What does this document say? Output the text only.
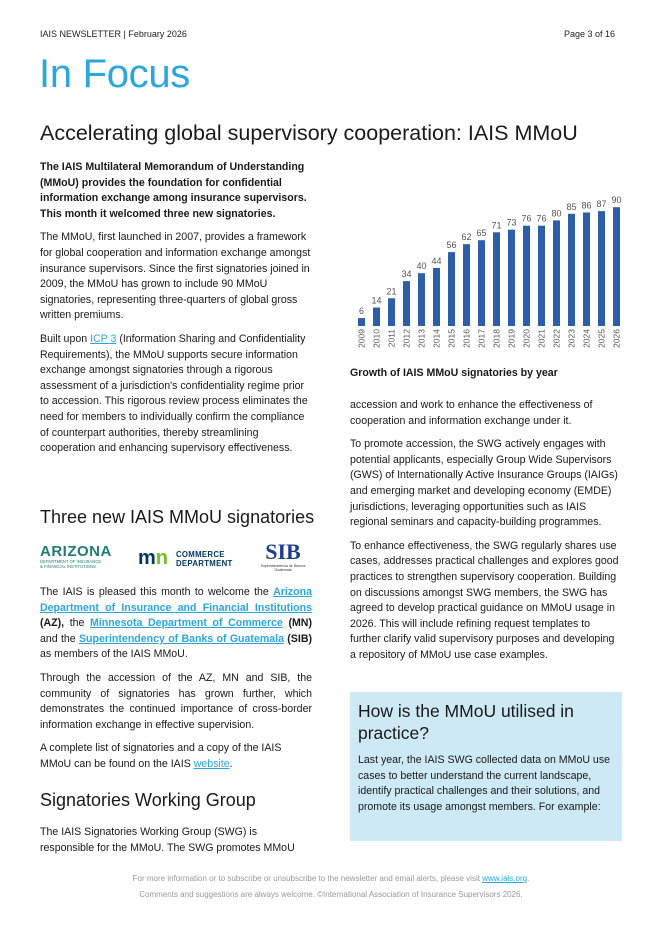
IAIS NEWSLETTER | February 2026	Page 3 of 16
In Focus
Accelerating global supervisory cooperation: IAIS MMoU

The IAIS Multilateral Memorandum of Understanding (MMoU) provides the foundation for confidential information exchange among insurance supervisors. This month it welcomed three new signatories.

The MMoU, first launched in 2007, provides a framework for global cooperation and information exchange amongst insurance supervisors. Since the first signatories joined in 2009, the MMoU has grown to include 90 MMoU signatories, representing three-quarters of global gross written premiums.

Built upon ICP 3 (Information Sharing and Confidentiality Requirements), the MMoU supports secure information exchange amongst signatories through a rigorous assessment of a jurisdiction's confidentiality regime prior to accession. This rigorous review process eliminates the need for members to individually confirm the compliance of counterpart authorities, thereby streamlining cooperation and enhancing supervisory effectiveness.

Three new IAIS MMoU signatories
ARIZONA
DEPARTMENT OF INSURANCE
& FINANCIAL INSTITUTIONS	mn COMMERCE
DEPARTMENT	SIB
Superintendencia de Bancos Guatemala

The IAIS is pleased this month to welcome the Arizona Department of Insurance and Financial Institutions (AZ), the Minnesota Department of Commerce (MN) and the Superintendency of Banks of Guatemala (SIB) as members of the IAIS MMoU.

Through the accession of the AZ, MN and SIB, the community of signatories has grown further, which demonstrates the continued importance of cross-border information exchange in effective supervision.

A complete list of signatories and a copy of the IAIS MMoU can be found on the IAIS website.

Signatories Working Group

The IAIS Signatories Working Group (SWG) is responsible for the MMoU. The SWG promotes MMoU

6
2009
14
2010
21
2011
34
2012
40
2013
44
2014
56
2015
62
2016
65
2017
71
2018
73
2019
76
2020
76
2021
80
2022
85
2023
86
2024
87
2025
90
2026
Growth of IAIS MMoU signatories by year

accession and work to enhance the effectiveness of cooperation and information exchange under it.

To promote accession, the SWG actively engages with potential applicants, especially Group Wide Supervisors (GWS) of Internationally Active Insurance Groups (IAIGs) and emerging market and developing economy (EMDE) jurisdictions, leveraging opportunities such as IAIS regional seminars and capacity-building programmes.

To enhance effectiveness, the SWG regularly shares use cases, addresses practical challenges and explores good practices to strengthen supervisory cooperation. Building on discussions amongst SWG members, the SWG has agreed to develop practical guidance on MMoU usage in 2026. This will include refining request templates to further clarify valid supervisory purposes and developing a repository of MMoU use case examples.

How is the MMoU utilised in practice?
Last year, the IAIS SWG collected data on MMoU use cases to better understand the current landscape, identify practical challenges and their solutions, and promote its usage amongst members. For example:
For more information or to subscribe or unsubscribe to the newsletter and email alerts, please visit www.iais.org.
Comments and suggestions are always welcome. ©International Association of Insurance Supervisors 2026.
